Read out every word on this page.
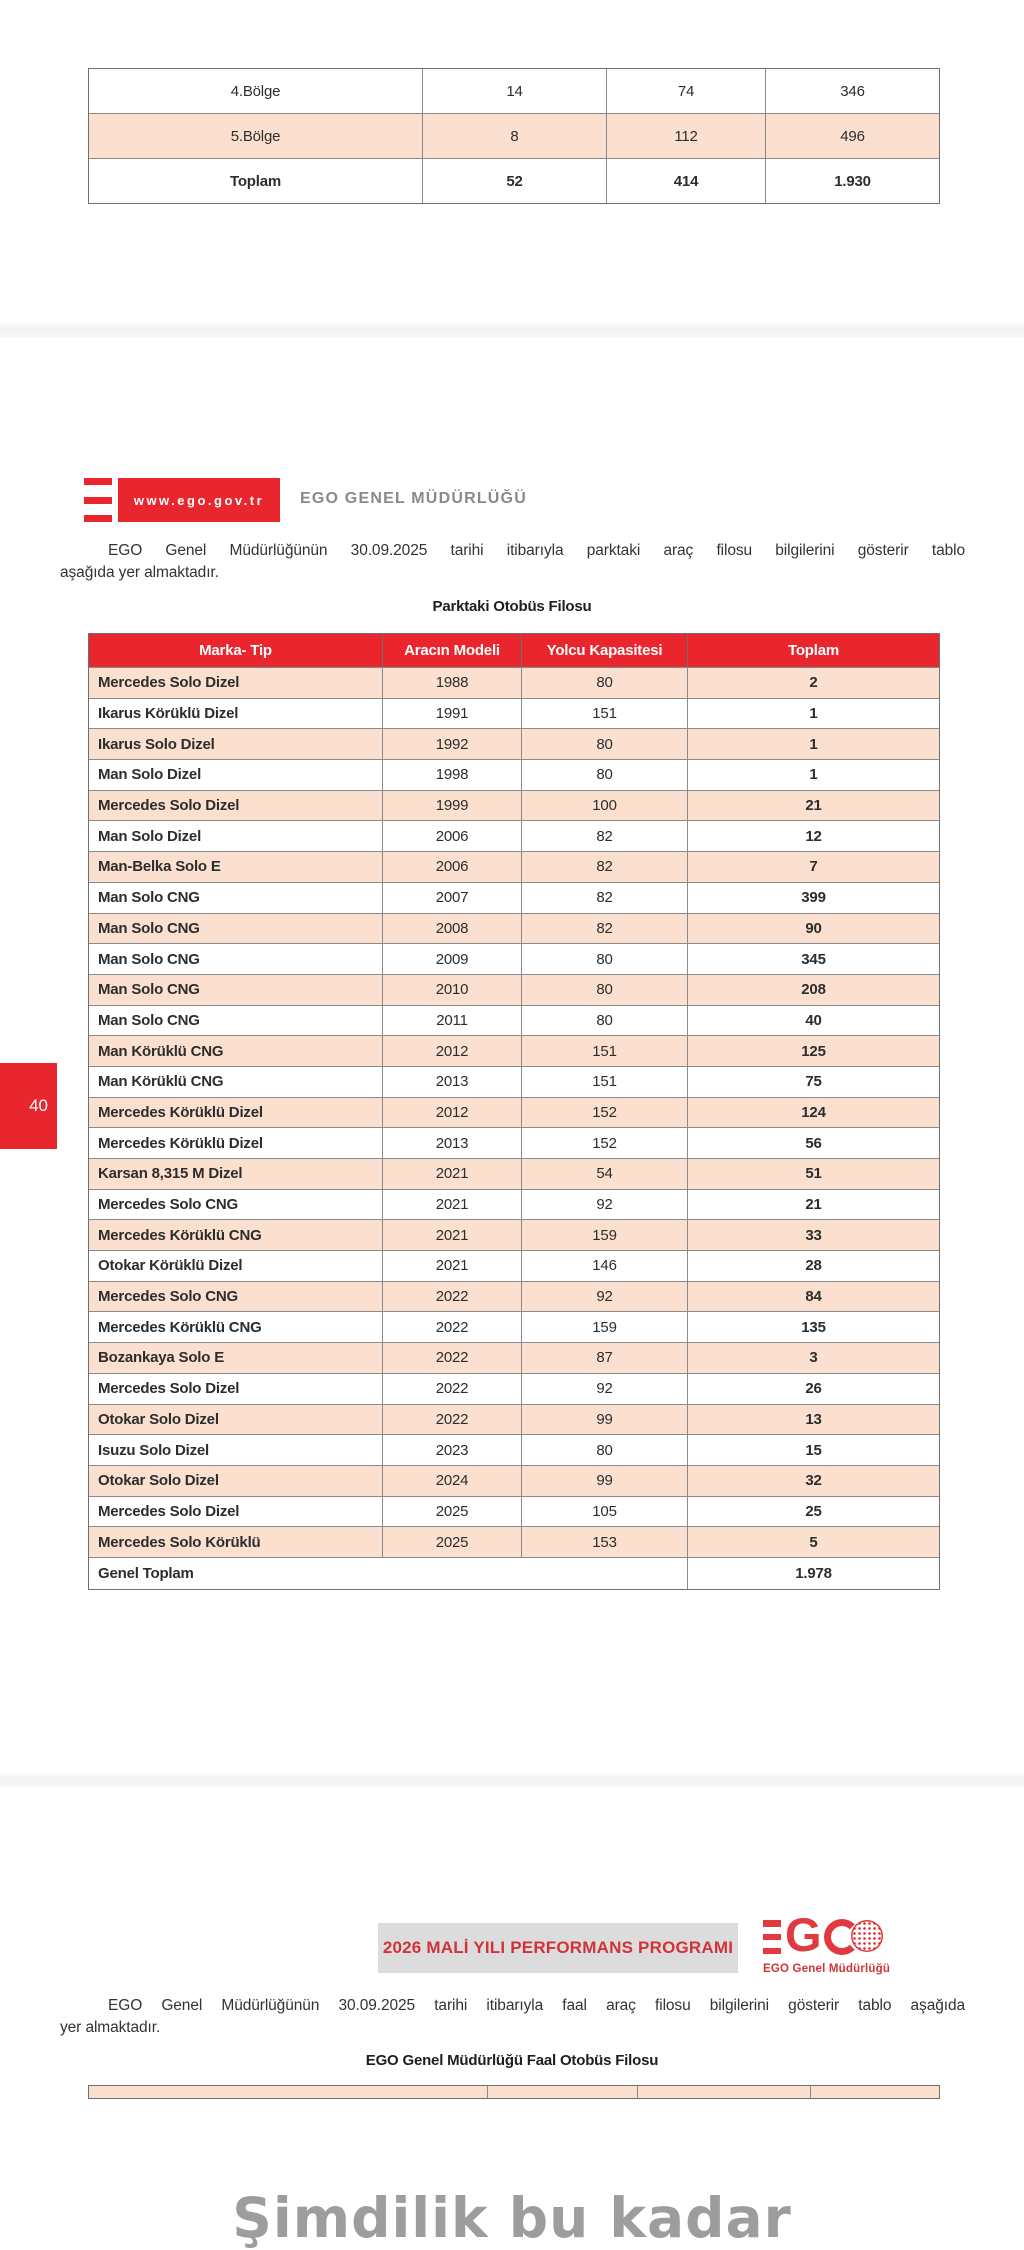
4.Bölge	14	74	346
5.Bölge	8	112	496
Toplam	52	414	1.930
www.ego.gov.tr EGO GENEL MÜDÜRLÜĞÜ
EGO Genel Müdürlüğünün 30.09.2025 tarihi itibarıyla parktaki araç filosu bilgilerini gösterir tablo
aşağıda yer almaktadır.
Parktaki Otobüs Filosu
Marka- Tip	Aracın Modeli	Yolcu Kapasitesi	Toplam
Mercedes Solo Dizel	1988	80	2
Ikarus Körüklü Dizel	1991	151	1
Ikarus Solo Dizel	1992	80	1
Man Solo Dizel	1998	80	1
Mercedes Solo Dizel	1999	100	21
Man Solo Dizel	2006	82	12
Man-Belka Solo E	2006	82	7
Man Solo CNG	2007	82	399
Man Solo CNG	2008	82	90
Man Solo CNG	2009	80	345
Man Solo CNG	2010	80	208
Man Solo CNG	2011	80	40
Man Körüklü CNG	2012	151	125
Man Körüklü CNG	2013	151	75
Mercedes Körüklü Dizel	2012	152	124
Mercedes Körüklü Dizel	2013	152	56
Karsan 8,315 M Dizel	2021	54	51
Mercedes Solo CNG	2021	92	21
Mercedes Körüklü CNG	2021	159	33
Otokar Körüklü Dizel	2021	146	28
Mercedes Solo CNG	2022	92	84
Mercedes Körüklü CNG	2022	159	135
Bozankaya Solo E	2022	87	3
Mercedes Solo Dizel	2022	92	26
Otokar Solo Dizel	2022	99	13
Isuzu Solo Dizel	2023	80	15
Otokar Solo Dizel	2024	99	32
Mercedes Solo Dizel	2025	105	25
Mercedes Solo Körüklü	2025	153	5
Genel Toplam	1.978
40
2026 MALİ YILI PERFORMANS PROGRAMI G
EGO Genel Müdürlüğü
EGO Genel Müdürlüğünün 30.09.2025 tarihi itibarıyla faal araç filosu bilgilerini gösterir tablo aşağıda
yer almaktadır.
EGO Genel Müdürlüğü Faal Otobüs Filosu
Şimdilik bu kadar
